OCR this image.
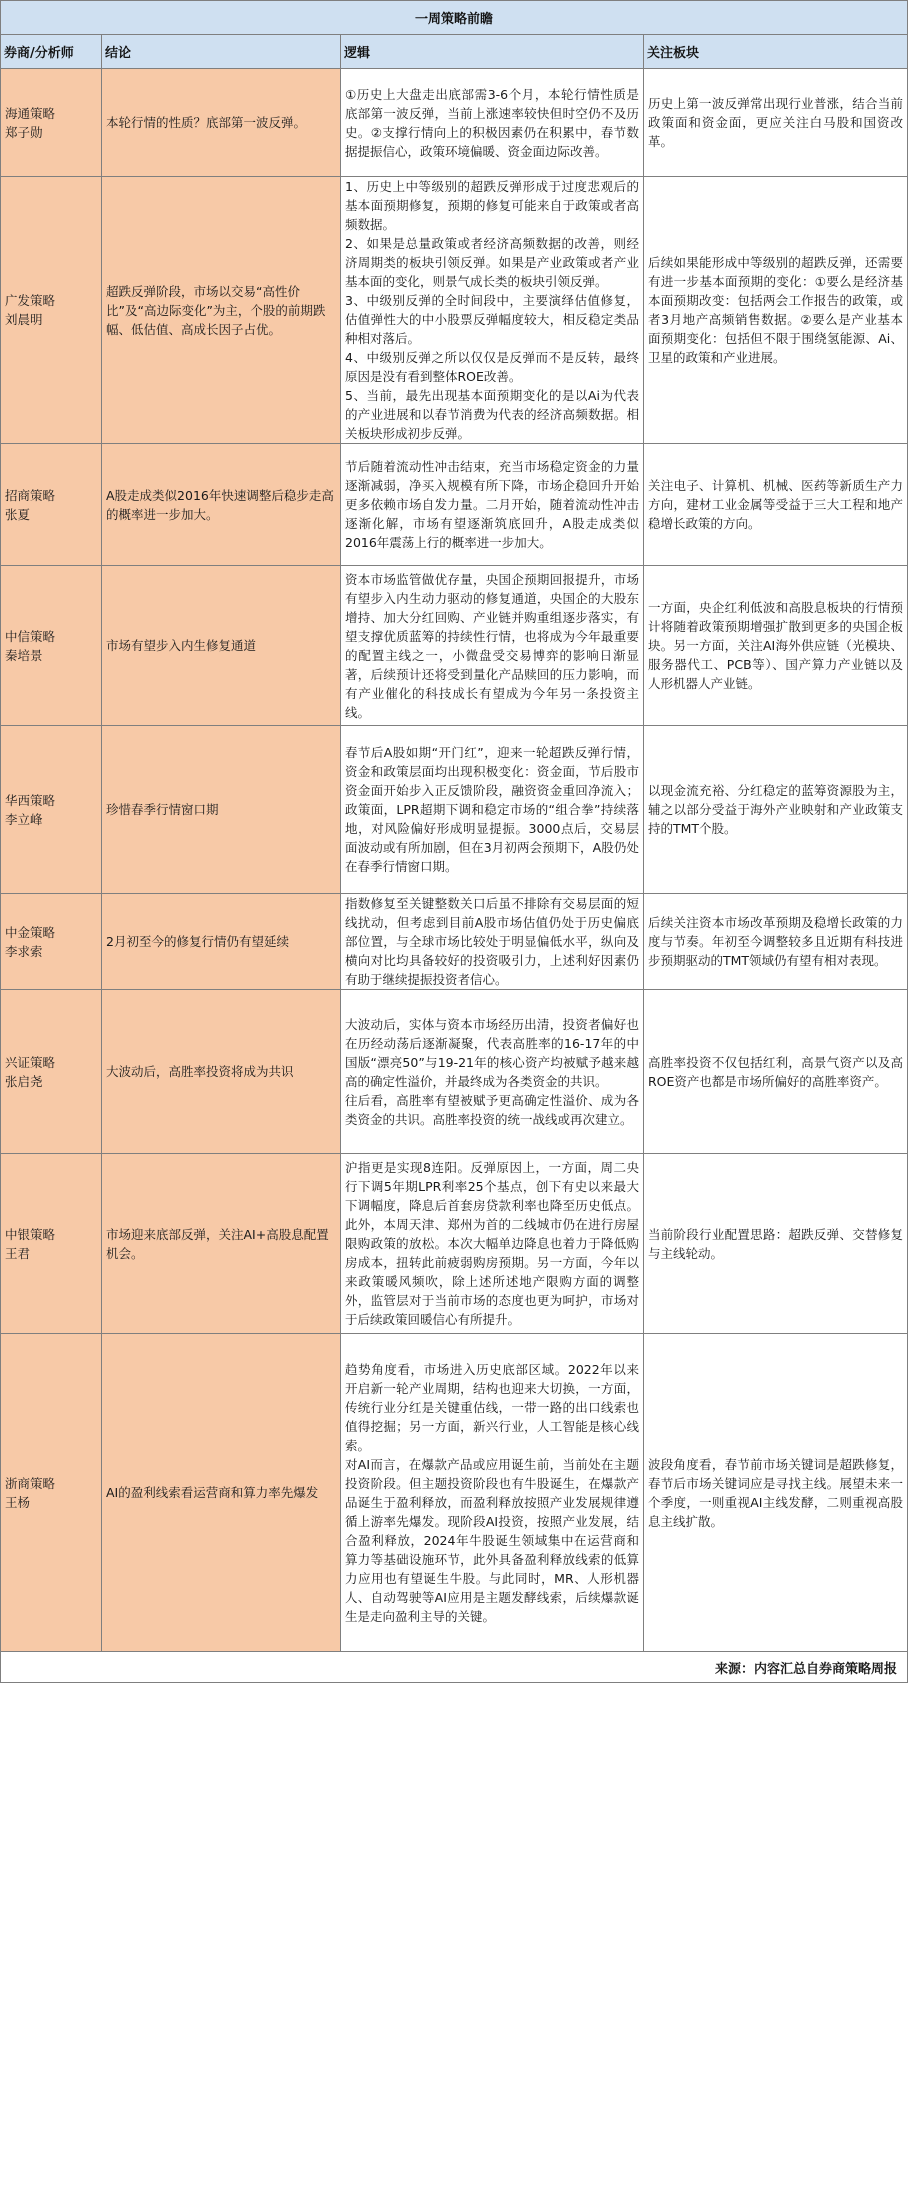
一周策略前瞻			
券商/分析师	结论	逻辑	关注板块

海通策略
郑子勋	本轮行情的性质？底部第一波反弹。	①历史上大盘走出底部需3-6个月，本轮行情性质是底部第一波反弹，当前上涨速率较快但时空仍不及历史。②支撑行情向上的积极因素仍在积累中，春节数据提振信心，政策环境偏暖、资金面边际改善。	历史上第一波反弹常出现行业普涨，结合当前政策面和资金面，更应关注白马股和国资改革。

广发策略
刘晨明	超跌反弹阶段，市场以交易“高性价比”及“高边际变化”为主，个股的前期跌幅、低估值、高成长因子占优。	1、历史上中等级别的超跌反弹形成于过度悲观后的基本面预期修复，预期的修复可能来自于政策或者高频数据。
2、如果是总量政策或者经济高频数据的改善，则经济周期类的板块引领反弹。如果是产业政策或者产业基本面的变化，则景气成长类的板块引领反弹。
3、中级别反弹的全时间段中，主要演绎估值修复，估值弹性大的中小股票反弹幅度较大，相反稳定类品种相对落后。
4、中级别反弹之所以仅仅是反弹而不是反转，最终原因是没有看到整体ROE改善。
5、当前，最先出现基本面预期变化的是以Ai为代表的产业进展和以春节消费为代表的经济高频数据。相关板块形成初步反弹。	后续如果能形成中等级别的超跌反弹，还需要有进一步基本面预期的变化：①要么是经济基本面预期改变：包括两会工作报告的政策，或者3月地产高频销售数据。②要么是产业基本面预期变化：包括但不限于围绕氢能源、Ai、卫星的政策和产业进展。

招商策略
张夏	A股走成类似2016年快速调整后稳步走高的概率进一步加大。	节后随着流动性冲击结束，充当市场稳定资金的力量逐渐减弱，净买入规模有所下降，市场企稳回升开始更多依赖市场自发力量。二月开始，随着流动性冲击逐渐化解，市场有望逐渐筑底回升，A股走成类似2016年震荡上行的概率进一步加大。	关注电子、计算机、机械、医药等新质生产力方向，建材工业金属等受益于三大工程和地产稳增长政策的方向。

中信策略
秦培景	市场有望步入内生修复通道	资本市场监管做优存量，央国企预期回报提升，市场有望步入内生动力驱动的修复通道，央国企的大股东增持、加大分红回购、产业链并购重组逐步落实，有望支撑优质蓝筹的持续性行情，也将成为今年最重要的配置主线之一，小微盘受交易博弈的影响日渐显著，后续预计还将受到量化产品赎回的压力影响，而有产业催化的科技成长有望成为今年另一条投资主线。	一方面，央企红利低波和高股息板块的行情预计将随着政策预期增强扩散到更多的央国企板块。另一方面，关注AI海外供应链（光模块、服务器代工、PCB等）、国产算力产业链以及人形机器人产业链。

华西策略
李立峰	珍惜春季行情窗口期	春节后A股如期“开门红”，迎来一轮超跌反弹行情，资金和政策层面均出现积极变化：资金面，节后股市资金面开始步入正反馈阶段，融资资金重回净流入；政策面，LPR超期下调和稳定市场的“组合拳”持续落地，对风险偏好形成明显提振。3000点后，交易层面波动或有所加剧，但在3月初两会预期下，A股仍处在春季行情窗口期。	以现金流充裕、分红稳定的蓝筹资源股为主，辅之以部分受益于海外产业映射和产业政策支持的TMT个股。

中金策略
李求索	2月初至今的修复行情仍有望延续	指数修复至关键整数关口后虽不排除有交易层面的短线扰动，但考虑到目前A股市场估值仍处于历史偏底部位置，与全球市场比较处于明显偏低水平，纵向及横向对比均具备较好的投资吸引力，上述利好因素仍有助于继续提振投资者信心。	后续关注资本市场改革预期及稳增长政策的力度与节奏。年初至今调整较多且近期有科技进步预期驱动的TMT领域仍有望有相对表现。

兴证策略
张启尧	大波动后，高胜率投资将成为共识	大波动后，实体与资本市场经历出清，投资者偏好也在历经动荡后逐渐凝聚，代表高胜率的16-17年的中国版“漂亮50”与19-21年的核心资产均被赋予越来越高的确定性溢价，并最终成为各类资金的共识。
往后看，高胜率有望被赋予更高确定性溢价、成为各类资金的共识。高胜率投资的统一战线或再次建立。	高胜率投资不仅包括红利，高景气资产以及高ROE资产也都是市场所偏好的高胜率资产。

中银策略
王君	市场迎来底部反弹，关注AI+高股息配置机会。	沪指更是实现8连阳。反弹原因上，一方面，周二央行下调5年期LPR利率25个基点，创下有史以来最大下调幅度，降息后首套房贷款利率也降至历史低点。此外，本周天津、郑州为首的二线城市仍在进行房屋限购政策的放松。本次大幅单边降息也着力于降低购房成本，扭转此前疲弱购房预期。另一方面，今年以来政策暖风频吹，除上述所述地产限购方面的调整外，监管层对于当前市场的态度也更为呵护，市场对于后续政策回暖信心有所提升。	当前阶段行业配置思路：超跌反弹、交替修复与主线轮动。

浙商策略
王杨	AI的盈利线索看运营商和算力率先爆发	趋势角度看，市场进入历史底部区域。2022年以来开启新一轮产业周期，结构也迎来大切换，一方面，传统行业分红是关键重估线，一带一路的出口线索也值得挖掘；另一方面，新兴行业，人工智能是核心线索。
对AI而言，在爆款产品或应用诞生前，当前处在主题投资阶段。但主题投资阶段也有牛股诞生，在爆款产品诞生于盈利释放，而盈利释放按照产业发展规律遵循上游率先爆发。现阶段AI投资，按照产业发展，结合盈利释放，2024年牛股诞生领域集中在运营商和算力等基础设施环节，此外具备盈利释放线索的低算力应用也有望诞生牛股。与此同时，MR、人形机器人、自动驾驶等AI应用是主题发酵线索，后续爆款诞生是走向盈利主导的关键。	波段角度看，春节前市场关键词是超跌修复，春节后市场关键词应是寻找主线。展望未来一个季度，一则重视AI主线发酵，二则重视高股息主线扩散。
来源：内容汇总自券商策略周报			
